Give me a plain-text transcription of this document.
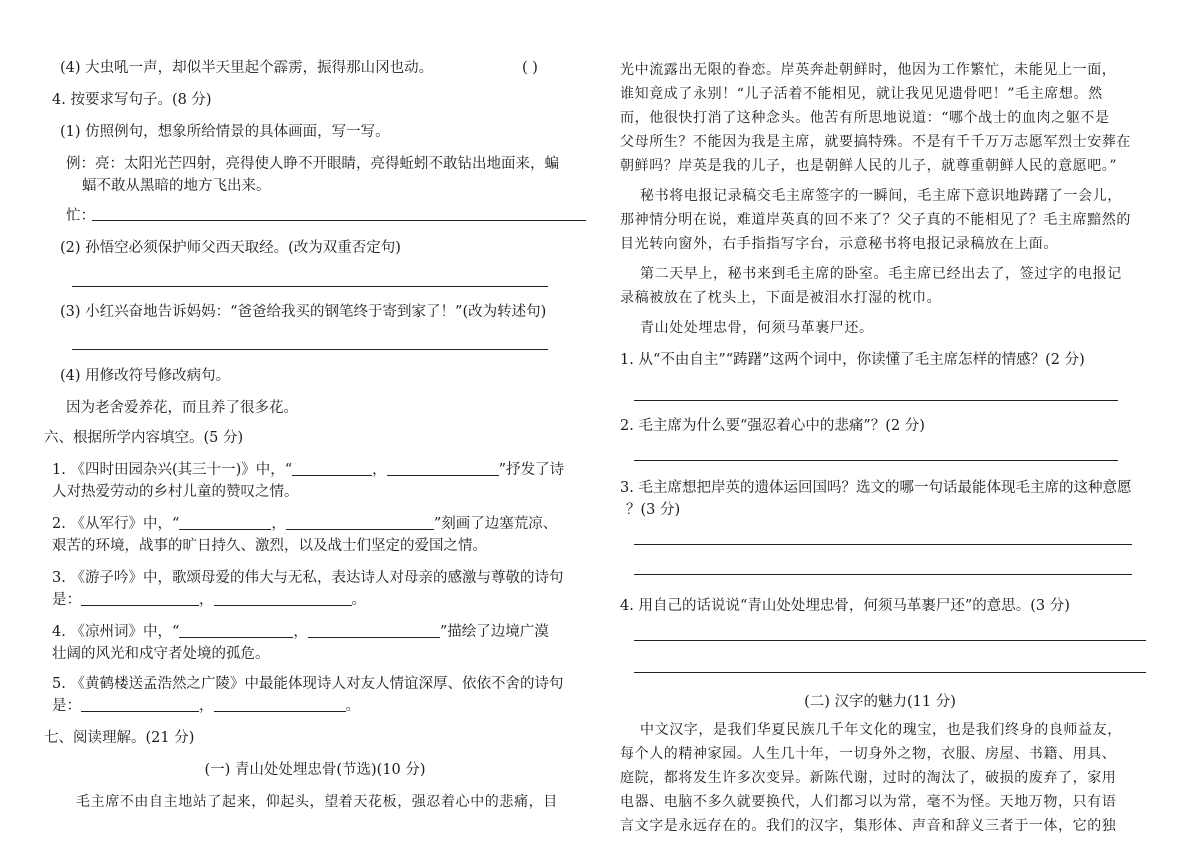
(4) 大虫吼一声，却似半天里起个霹雳，振得那山冈也动。	( )
4. 按要求写句子。(8 分)
(1) 仿照例句，想象所给情景的具体画面，写一写。
例：亮：太阳光芒四射，亮得使人睁不开眼睛，亮得蚯蚓不敢钻出地面来，蝙
蝠不敢从黑暗的地方飞出来。
忙：
(2) 孙悟空必须保护师父西天取经。(改为双重否定句)
(3) 小红兴奋地告诉妈妈：“爸爸给我买的钢笔终于寄到家了！”(改为转述句)
(4) 用修改符号修改病句。
因为老舍爱养花，而且养了很多花。
六、根据所学内容填空。(5 分)
1. 《四时田园杂兴(其三十一)》中，“	，	”抒发了诗
人对热爱劳动的乡村儿童的赞叹之情。
2. 《从军行》中，“	，	”刻画了边塞荒凉、
艰苦的环境，战事的旷日持久、激烈，以及战士们坚定的爱国之情。
3. 《游子吟》中，歌颂母爱的伟大与无私，表达诗人对母亲的感激与尊敬的诗句
是：	，	。
4. 《凉州词》中，“	，	”描绘了边境广漠
壮阔的风光和戍守者处境的孤危。
5. 《黄鹤楼送孟浩然之广陵》中最能体现诗人对友人情谊深厚、依依不舍的诗句
是：	，	。
七、阅读理解。(21 分)
(一) 青山处处埋忠骨(节选)(10 分)
毛主席不由自主地站了起来，仰起头，望着天花板，强忍着心中的悲痛，目
光中流露出无限的眷恋。岸英奔赴朝鲜时，他因为工作繁忙，未能见上一面，
谁知竟成了永别！“儿子活着不能相见，就让我见见遗骨吧！”毛主席想。然
而，他很快打消了这种念头。他苦有所思地说道：“哪个战士的血肉之躯不是
父母所生？不能因为我是主席，就要搞特殊。不是有千千万万志愿军烈士安葬在
朝鲜吗？岸英是我的儿子，也是朝鲜人民的儿子，就尊重朝鲜人民的意愿吧。”
秘书将电报记录稿交毛主席签字的一瞬间，毛主席下意识地踌躇了一会儿，
那神情分明在说，难道岸英真的回不来了？父子真的不能相见了？毛主席黯然的
目光转向窗外，右手指指写字台，示意秘书将电报记录稿放在上面。
第二天早上，秘书来到毛主席的卧室。毛主席已经出去了，签过字的电报记
录稿被放在了枕头上，下面是被泪水打湿的枕巾。
青山处处埋忠骨，何须马革裹尸还。
1. 从“不由自主”“踌躇”这两个词中，你读懂了毛主席怎样的情感？(2 分)
2. 毛主席为什么要“强忍着心中的悲痛”？(2 分)
3. 毛主席想把岸英的遗体运回国吗？选文的哪一句话最能体现毛主席的这种意愿
？(3 分)
4. 用自己的话说说“青山处处埋忠骨，何须马革裹尸还”的意思。(3 分)
(二) 汉字的魅力(11 分)
中文汉字，是我们华夏民族几千年文化的瑰宝，也是我们终身的良师益友，
每个人的精神家园。人生几十年，一切身外之物，衣服、房屋、书籍、用具、
庭院，都将发生许多次变异。新陈代谢，过时的淘汰了，破损的废弃了，家用
电器、电脑不多久就要换代，人们都习以为常，毫不为怪。天地万物，只有语
言文字是永远存在的。我们的汉字，集形体、声音和辞义三者于一体，它的独
